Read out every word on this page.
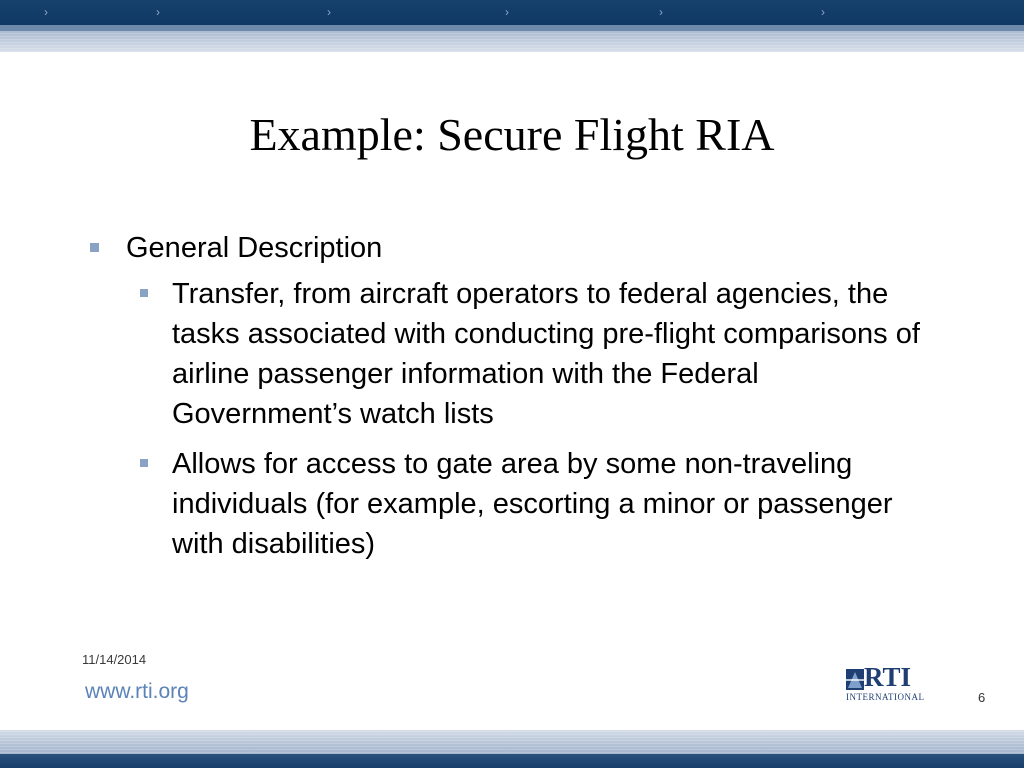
›	›	›	›	›	›
Example: Secure Flight RIA
General Description
Transfer, from aircraft operators to federal agencies, the tasks associated with conducting pre-flight comparisons of airline passenger information with the Federal Government’s watch lists
Allows for access to gate area by some non-traveling individuals (for example, escorting a minor or passenger with disabilities)
11/14/2014
www.rti.org	RTI
INTERNATIONAL	6
